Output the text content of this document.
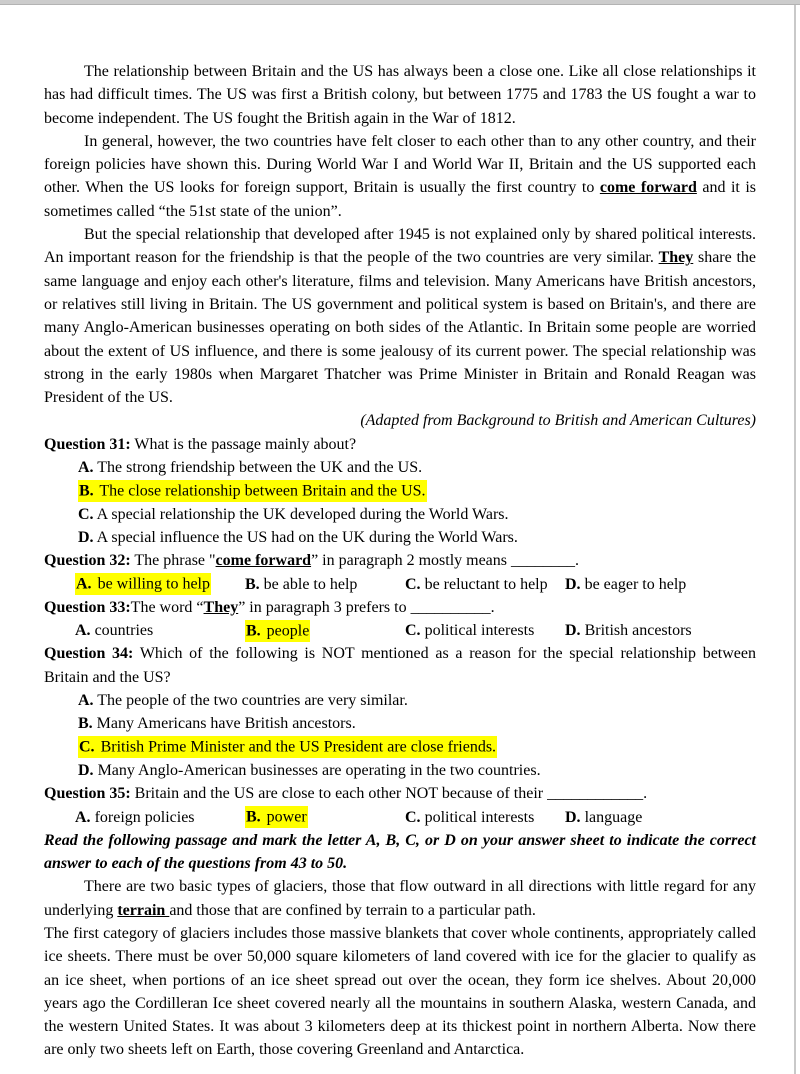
The relationship between Britain and the US has always been a close one. Like all close relationships it has had difficult times. The US was first a British colony, but between 1775 and 1783 the US fought a war to become independent. The US fought the British again in the War of 1812.
In general, however, the two countries have felt closer to each other than to any other country, and their foreign policies have shown this. During World War I and World War II, Britain and the US supported each other. When the US looks for foreign support, Britain is usually the first country to come forward and it is sometimes called “the 51st state of the union”.
But the special relationship that developed after 1945 is not explained only by shared political interests. An important reason for the friendship is that the people of the two countries are very similar. They share the same language and enjoy each other's literature, films and television. Many Americans have British ancestors, or relatives still living in Britain. The US government and political system is based on Britain's, and there are many Anglo-American businesses operating on both sides of the Atlantic. In Britain some people are worried about the extent of US influence, and there is some jealousy of its current power. The special relationship was strong in the early 1980s when Margaret Thatcher was Prime Minister in Britain and Ronald Reagan was President of the US.
(Adapted from Background to British and American Cultures)
Question 31: What is the passage mainly about?
A. The strong friendship between the UK and the US.
B. The close relationship between Britain and the US.
C. A special relationship the UK developed during the World Wars.
D. A special influence the US had on the UK during the World Wars.
Question 32: The phrase "come forward” in paragraph 2 mostly means ________.
A. be willing to help	B. be able to help	C. be reluctant to help	D. be eager to help
Question 33:The word “They” in paragraph 3 prefers to __________.
A. countries	B. people	C. political interests	D. British ancestors
Question 34: Which of the following is NOT mentioned as a reason for the special relationship between Britain and the US?
A. The people of the two countries are very similar.
B. Many Americans have British ancestors.
C. British Prime Minister and the US President are close friends.
D. Many Anglo-American businesses are operating in the two countries.
Question 35: Britain and the US are close to each other NOT because of their ____________.
A. foreign policies	B. power	C. political interests	D. language
Read the following passage and mark the letter A, B, C, or D on your answer sheet to indicate the correct answer to each of the questions from 43 to 50.
There are two basic types of glaciers, those that flow outward in all directions with little regard for any underlying terrain and those that are confined by terrain to a particular path.
The first category of glaciers includes those massive blankets that cover whole continents, appropriately called ice sheets. There must be over 50,000 square kilometers of land covered with ice for the glacier to qualify as an ice sheet, when portions of an ice sheet spread out over the ocean, they form ice shelves. About 20,000 years ago the Cordilleran Ice sheet covered nearly all the mountains in southern Alaska, western Canada, and the western United States. It was about 3 kilometers deep at its thickest point in northern Alberta. Now there are only two sheets left on Earth, those covering Greenland and Antarctica.
